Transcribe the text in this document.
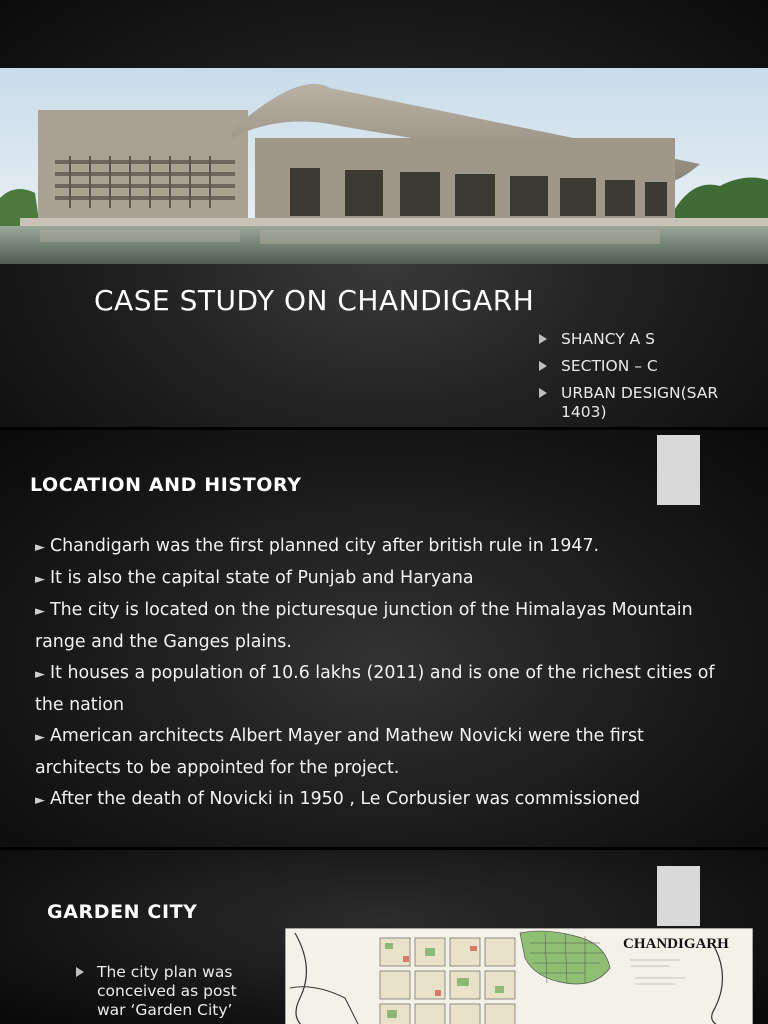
CASE STUDY ON CHANDIGARH
SHANCY A S
SECTION – C
URBAN DESIGN(SAR 1403)
LOCATION AND HISTORY

► Chandigarh was the first planned city after british rule in 1947.

► It is also the capital state of Punjab and Haryana

► The city is located on the picturesque junction of the Himalayas Mountain range and the Ganges plains.

► It houses a population of 10.6 lakhs (2011) and is one of the richest cities of the nation

► American architects Albert Mayer and Mathew Novicki were the first architects to be appointed for the project.

► After the death of Novicki in 1950 , Le Corbusier was commissioned

GARDEN CITY
The city plan was conceived as post war ‘Garden City’
CHANDIGARH
